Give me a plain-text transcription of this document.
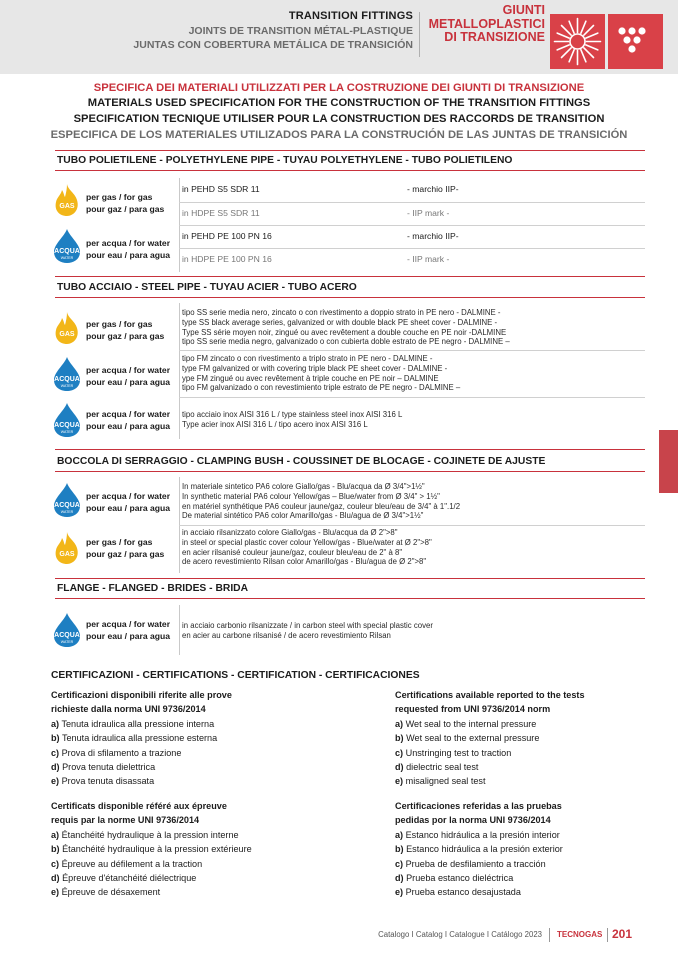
TRANSITION FITTINGS
JOINTS DE TRANSITION MÉTAL-PLASTIQUE
JUNTAS CON COBERTURA METÁLICA DE TRANSICIÓN
GIUNTI
METALLOPLASTICI
DI TRANSIZIONE
SPECIFICA DEI MATERIALI UTILIZZATI PER LA COSTRUZIONE DEI GIUNTI DI TRANSIZIONE
MATERIALS USED SPECIFICATION FOR THE CONSTRUCTION OF THE TRANSITION FITTINGS
SPECIFICATION TECNIQUE UTILISER POUR LA CONSTRUCTION DES RACCORDS DE TRANSITION
ESPECIFICA DE LOS MATERIALES UTILIZADOS PARA LA CONSTRUCIÓN DE LAS JUNTAS DE TRANSICIÓN
TUBO POLIETILENE - POLYETHYLENE PIPE - TUYAU POLYETHYLENE - TUBO POLIETILENO
GAS
per gas / for gas
pour gaz / para gas
in PEHD S5 SDR 11	- marchio IIP-
in HDPE S5 SDR 11	- IIP mark -
ACQUA
WATER
per acqua / for water
pour eau / para agua
in PEHD PE 100 PN 16	- marchio IIP-
in HDPE PE 100 PN 16	- IIP mark -
TUBO ACCIAIO - STEEL PIPE - TUYAU ACIER - TUBO ACERO
GAS
per gas / for gas
pour gaz / para gas
tipo SS serie media nero, zincato o con rivestimento a doppio strato in PE nero - DALMINE -
type SS black average series, galvanized or with double black PE sheet cover - DALMINE -
Type SS série moyen noir, zingué ou avec revêtement a double couche en PE noir -DALMINE
tipo SS serie media negro, galvanizado o con cubierta doble estrato de PE negro - DALMINE –
ACQUA
WATER
per acqua / for water
pour eau / para agua
tipo FM zincato o con rivestimento a triplo strato in PE nero - DALMINE -
type FM galvanized or with covering triple black PE sheet cover - DALMINE -
ype FM zingué ou avec revêtement à triple couche en PE noir – DALMINE
tipo FM galvanizado o con revestimiento triple estrato de PE negro - DALMINE –
ACQUA
WATER
per acqua / for water
pour eau / para agua
tipo acciaio inox AISI 316 L / type stainless steel inox AISI 316 L
Type acier inox AISI 316 L / tipo acero inox AISI 316 L
BOCCOLA DI SERRAGGIO - CLAMPING BUSH - COUSSINET DE BLOCAGE - COJINETE DE AJUSTE
ACQUA
WATER
per acqua / for water
pour eau / para agua
In materiale sintetico PA6 colore Giallo/gas - Blu/acqua da Ø 3/4">1½"
In synthetic material PA6 colour Yellow/gas – Blue/water from Ø 3/4" > 1½"
en matériel synthétique PA6 couleur jaune/gaz, couleur bleu/eau de 3/4" à 1".1/2
De material sintético PA6 color Amarillo/gas - Blu/agua de Ø 3/4">1½"
GAS
per gas / for gas
pour gaz / para gas
in acciaio rilsanizzato colore Giallo/gas - Blu/acqua da Ø 2">8"
in steel or special plastic cover colour Yellow/gas - Blue/water at Ø 2">8"
en acier rilsanisé couleur jaune/gaz, couleur bleu/eau de 2" à 8"
de acero revestimiento Rilsan color Amarillo/gas - Blu/agua de Ø 2">8"
FLANGE - FLANGED - BRIDES - BRIDA
ACQUA
WATER
per acqua / for water
pour eau / para agua
in acciaio carbonio rilsanizzate / in carbon steel with special plastic cover
en acier au carbone rilsanisé / de acero revestimiento Rilsan
CERTIFICAZIONI - CERTIFICATIONS - CERTIFICATION - CERTIFICACIONES
Certificazioni disponibili riferite alle prove
richieste dalla norma UNI 9736/2014
a) Tenuta idraulica alla pressione interna
b) Tenuta idraulica alla pressione esterna
c) Prova di sfilamento a trazione
d) Prova tenuta dielettrica
e) Prova tenuta disassata
Certifications available reported to the tests
requested from UNI 9736/2014 norm
a) Wet seal to the internal pressure
b) Wet seal to the external pressure
c) Unstringing test to traction
d) dielectric seal test
e) misaligned seal test
Certificats disponible référé aux épreuve
requis par la norme UNI 9736/2014
a) Étanchéité hydraulique à la pression interne
b) Étanchéité hydraulique à la pression extérieure
c) Épreuve au défilement a la traction
d) Épreuve d'étanchéité diélectrique
e) Épreuve de désaxement
Certificaciones referidas a las pruebas
pedidas por la norma UNI 9736/2014
a) Estanco hidráulica a la presión interior
b) Estanco hidráulica a la presión exterior
c) Prueba de desfilamiento a tracción
d) Prueba estanco dieléctrica
e) Prueba estanco desajustada
Catalogo I Catalog I Catalogue I Catálogo 2023 TECNOGAS 201
